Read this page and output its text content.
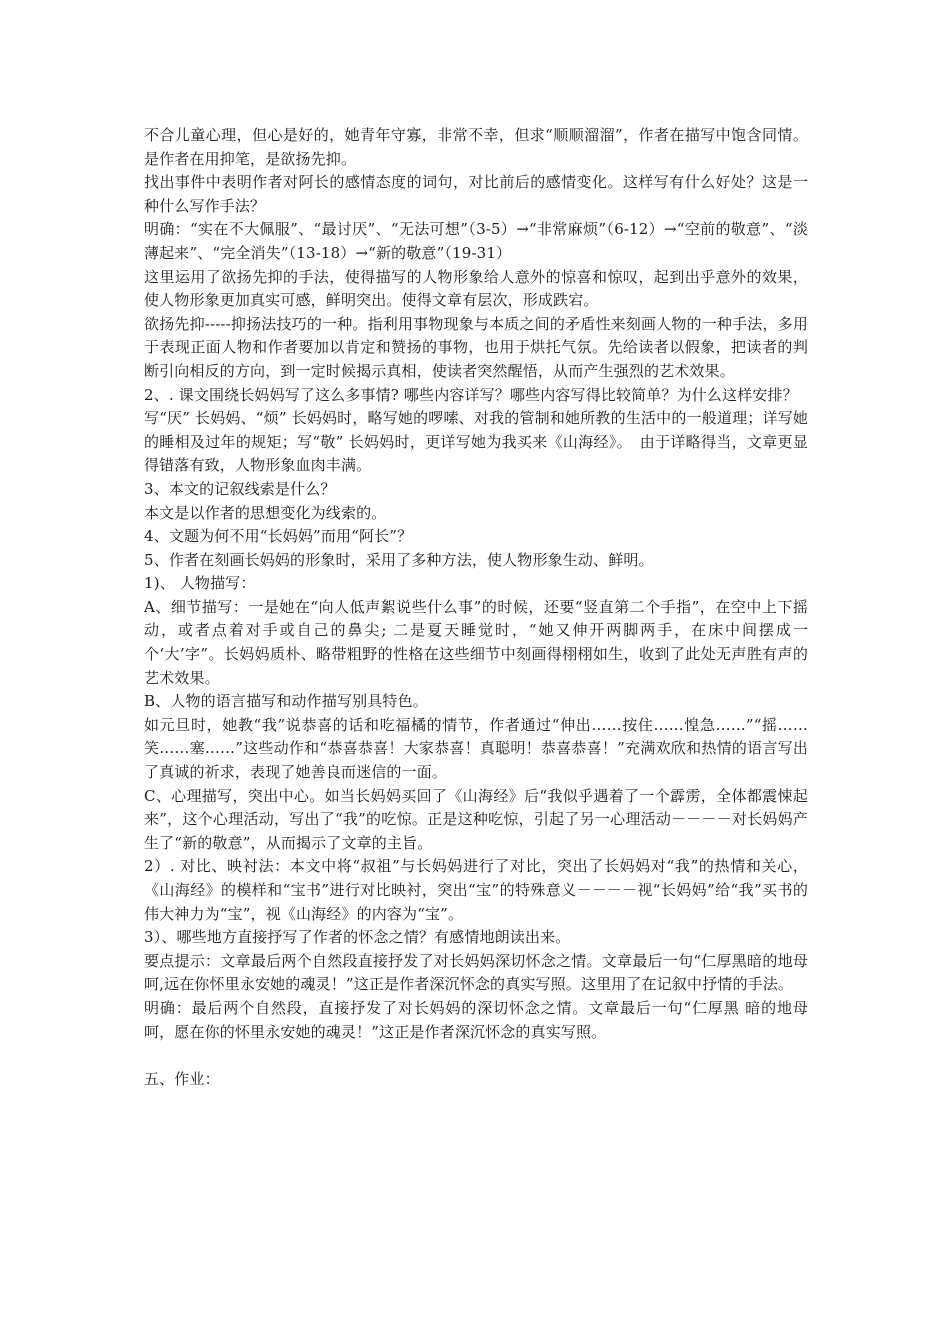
不合儿童心理，但心是好的，她青年守寡，非常不幸，但求“顺顺溜溜”，作者在描写中饱含同情。是作者在用抑笔，是欲扬先抑。

找出事件中表明作者对阿长的感情态度的词句，对比前后的感情变化。这样写有什么好处？这是一种什么写作手法？

明确：“实在不大佩服”、“最讨厌”、“无法可想”（3-5）→“非常麻烦”（6-12）→“空前的敬意”、“淡薄起来”、“完全消失”（13-18）→“新的敬意”（19-31）

这里运用了欲扬先抑的手法，使得描写的人物形象给人意外的惊喜和惊叹，起到出乎意外的效果，使人物形象更加真实可感，鲜明突出。使得文章有层次，形成跌宕。

欲扬先抑-----抑扬法技巧的一种。指利用事物现象与本质之间的矛盾性来刻画人物的一种手法，多用于表现正面人物和作者要加以肯定和赞扬的事物，也用于烘托气氛。先给读者以假象，把读者的判断引向相反的方向，到一定时候揭示真相，使读者突然醒悟，从而产生强烈的艺术效果。

2、. 课文围绕长妈妈写了这么多事情? 哪些内容详写？哪些内容写得比较简单？为什么这样安排？

写“厌” 长妈妈、“烦” 长妈妈时，略写她的啰嗦、对我的管制和她所教的生活中的一般道理；详写她的睡相及过年的规矩；写“敬” 长妈妈时，更详写她为我买来《山海经》。　由于详略得当，文章更显得错落有致，人物形象血肉丰满。

3、本文的记叙线索是什么？

本文是以作者的思想变化为线索的。

4、文题为何不用“长妈妈”而用“阿长”？

5、作者在刻画长妈妈的形象时，采用了多种方法，使人物形象生动、鲜明。

1)、 人物描写：

A、细节描写：一是她在“向人低声絮说些什么事”的时候，还要“竖直第二个手指”，在空中上下摇动，或者点着对手或自己的鼻尖; 二是夏天睡觉时，“她又伸开两脚两手，在床中间摆成一个‘大’字”。长妈妈质朴、略带粗野的性格在这些细节中刻画得栩栩如生，收到了此处无声胜有声的艺术效果。

B、人物的语言描写和动作描写别具特色。

如元旦时，她教“我”说恭喜的话和吃福橘的情节，作者通过“伸出……按住……惶急……”“摇……笑……塞……”这些动作和“恭喜恭喜！大家恭喜！真聪明！恭喜恭喜！”充满欢欣和热情的语言写出了真诚的祈求，表现了她善良而迷信的一面。

C、心理描写，突出中心。如当长妈妈买回了《山海经》后“我似乎遇着了一个霹雳，全体都震悚起来”，这个心理活动，写出了“我”的吃惊。正是这种吃惊，引起了另一心理活动－－－－对长妈妈产生了“新的敬意”，从而揭示了文章的主旨。

2）. 对比、映衬法：本文中将“叔祖”与长妈妈进行了对比，突出了长妈妈对“我”的热情和关心，《山海经》的模样和“宝书”进行对比映衬，突出“宝”的特殊意义－－－－视“长妈妈”给“我”买书的伟大神力为“宝”，视《山海经》的内容为“宝”。

3）、哪些地方直接抒写了作者的怀念之情？有感情地朗读出来。

要点提示：文章最后两个自然段直接抒发了对长妈妈深切怀念之情。文章最后一句“仁厚黑暗的地母呵,远在你怀里永安她的魂灵！”这正是作者深沉怀念的真实写照。这里用了在记叙中抒情的手法。

明确：最后两个自然段，直接抒发了对长妈妈的深切怀念之情。文章最后一句“仁厚黑 暗的地母呵，愿在你的怀里永安她的魂灵！”这正是作者深沉怀念的真实写照。

五、作业：
